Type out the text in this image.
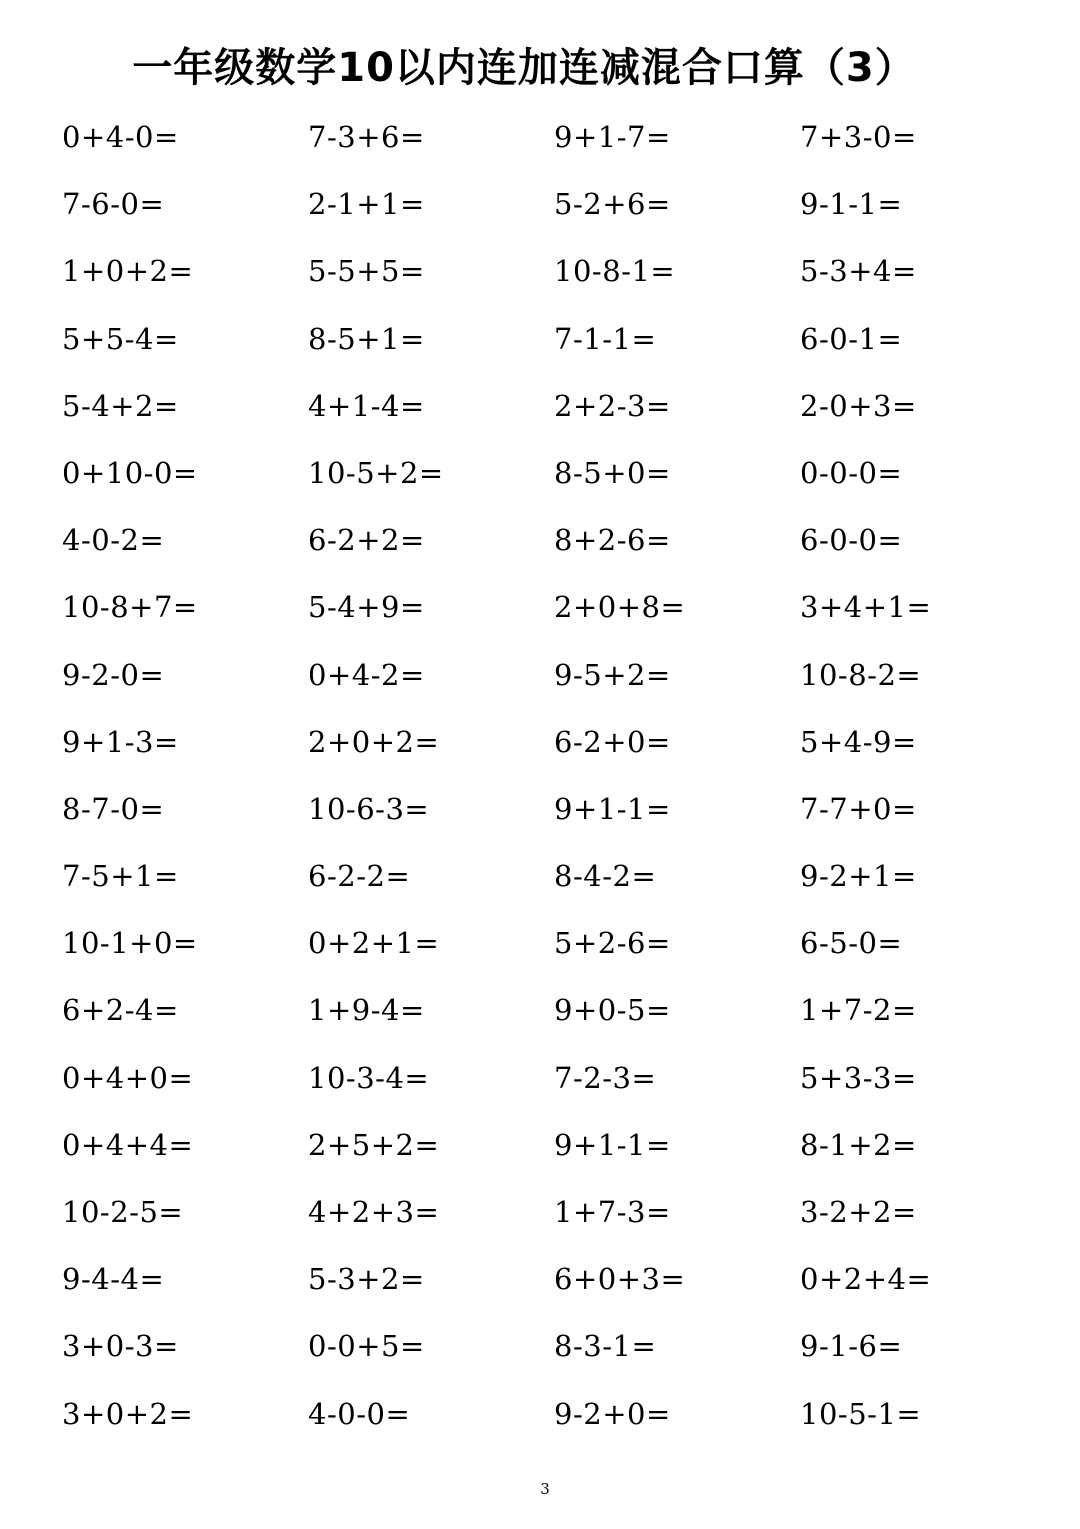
一年级数学10以内连加连减混合口算（3）
0+4-0=	7-3+6=	9+1-7=	7+3-0=
7-6-0=	2-1+1=	5-2+6=	9-1-1=
1+0+2=	5-5+5=	10-8-1=	5-3+4=
5+5-4=	8-5+1=	7-1-1=	6-0-1=
5-4+2=	4+1-4=	2+2-3=	2-0+3=
0+10-0=	10-5+2=	8-5+0=	0-0-0=
4-0-2=	6-2+2=	8+2-6=	6-0-0=
10-8+7=	5-4+9=	2+0+8=	3+4+1=
9-2-0=	0+4-2=	9-5+2=	10-8-2=
9+1-3=	2+0+2=	6-2+0=	5+4-9=
8-7-0=	10-6-3=	9+1-1=	7-7+0=
7-5+1=	6-2-2=	8-4-2=	9-2+1=
10-1+0=	0+2+1=	5+2-6=	6-5-0=
6+2-4=	1+9-4=	9+0-5=	1+7-2=
0+4+0=	10-3-4=	7-2-3=	5+3-3=
0+4+4=	2+5+2=	9+1-1=	8-1+2=
10-2-5=	4+2+3=	1+7-3=	3-2+2=
9-4-4=	5-3+2=	6+0+3=	0+2+4=
3+0-3=	0-0+5=	8-3-1=	9-1-6=
3+0+2=	4-0-0=	9-2+0=	10-5-1=
3
